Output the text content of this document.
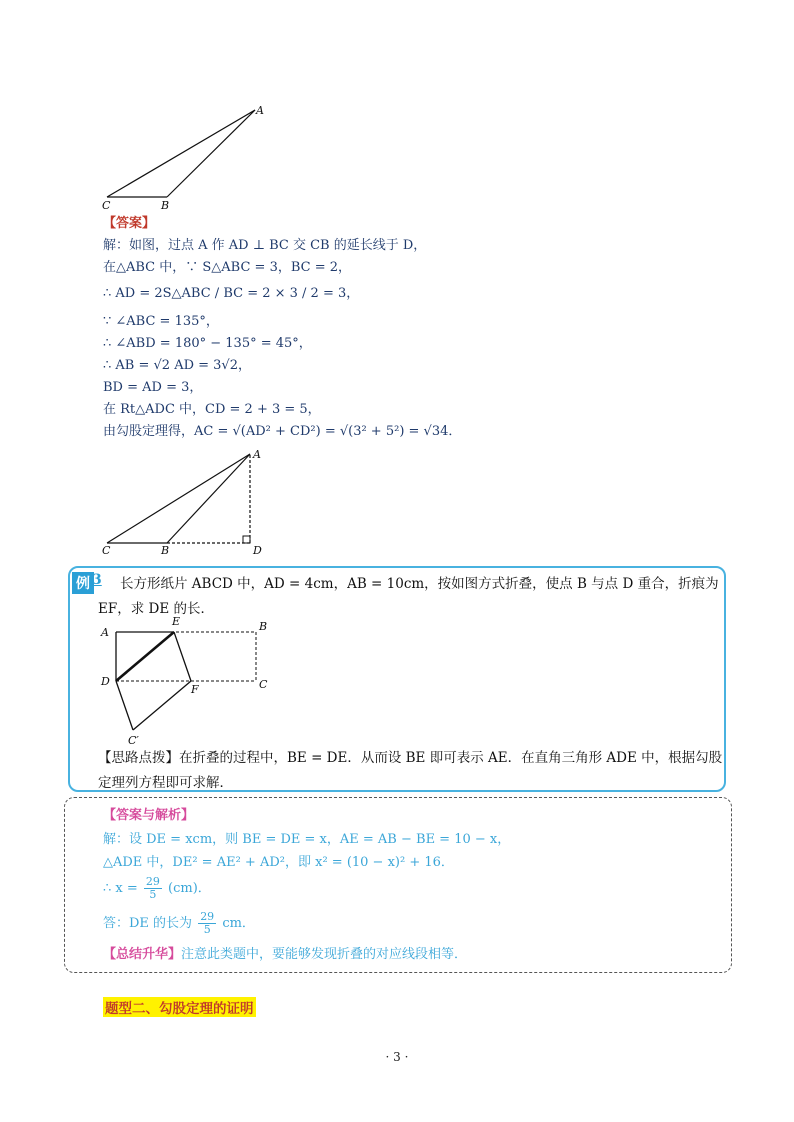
A
B
C
【答案】
解：如图，过点 A 作 AD ⊥ BC 交 CB 的延长线于 D，
在△ABC 中，∵ S△ABC = 3，BC = 2，
∴ AD = 2S△ABC / BC = 2 × 3 / 2 = 3，
∵ ∠ABC = 135°，
∴ ∠ABD = 180° − 135° = 45°，
∴ AB = √2 AD = 3√2，
BD = AD = 3，
在 Rt△ADC 中，CD = 2 + 3 = 5，
由勾股定理得，AC = √(AD² + CD²) = √(3² + 5²) = √34．
A
B
C	D
例 3	长方形纸片 ABCD 中，AD = 4cm，AB = 10cm，按如图方式折叠，使点 B 与点 D 重合，折痕为 EF，求 DE 的长．
A
E	B
D
F	C
C′
【思路点拨】在折叠的过程中，BE = DE．从而设 BE 即可表示 AE．在直角三角形 ADE 中，根据勾股定理列方程即可求解．
【答案与解析】
解：设 DE = xcm，则 BE = DE = x，AE = AB − BE = 10 − x，
△ADE 中，DE² = AE² + AD²，即 x² = (10 − x)² + 16．
∴ $x = \frac{29}{5} (cm)$．
答：DE 的长为 $\frac{29}{5}$ cm．
【总结升华】注意此类题中，要能够发现折叠的对应线段相等．
题型二、勾股定理的证明
· 3 ·
